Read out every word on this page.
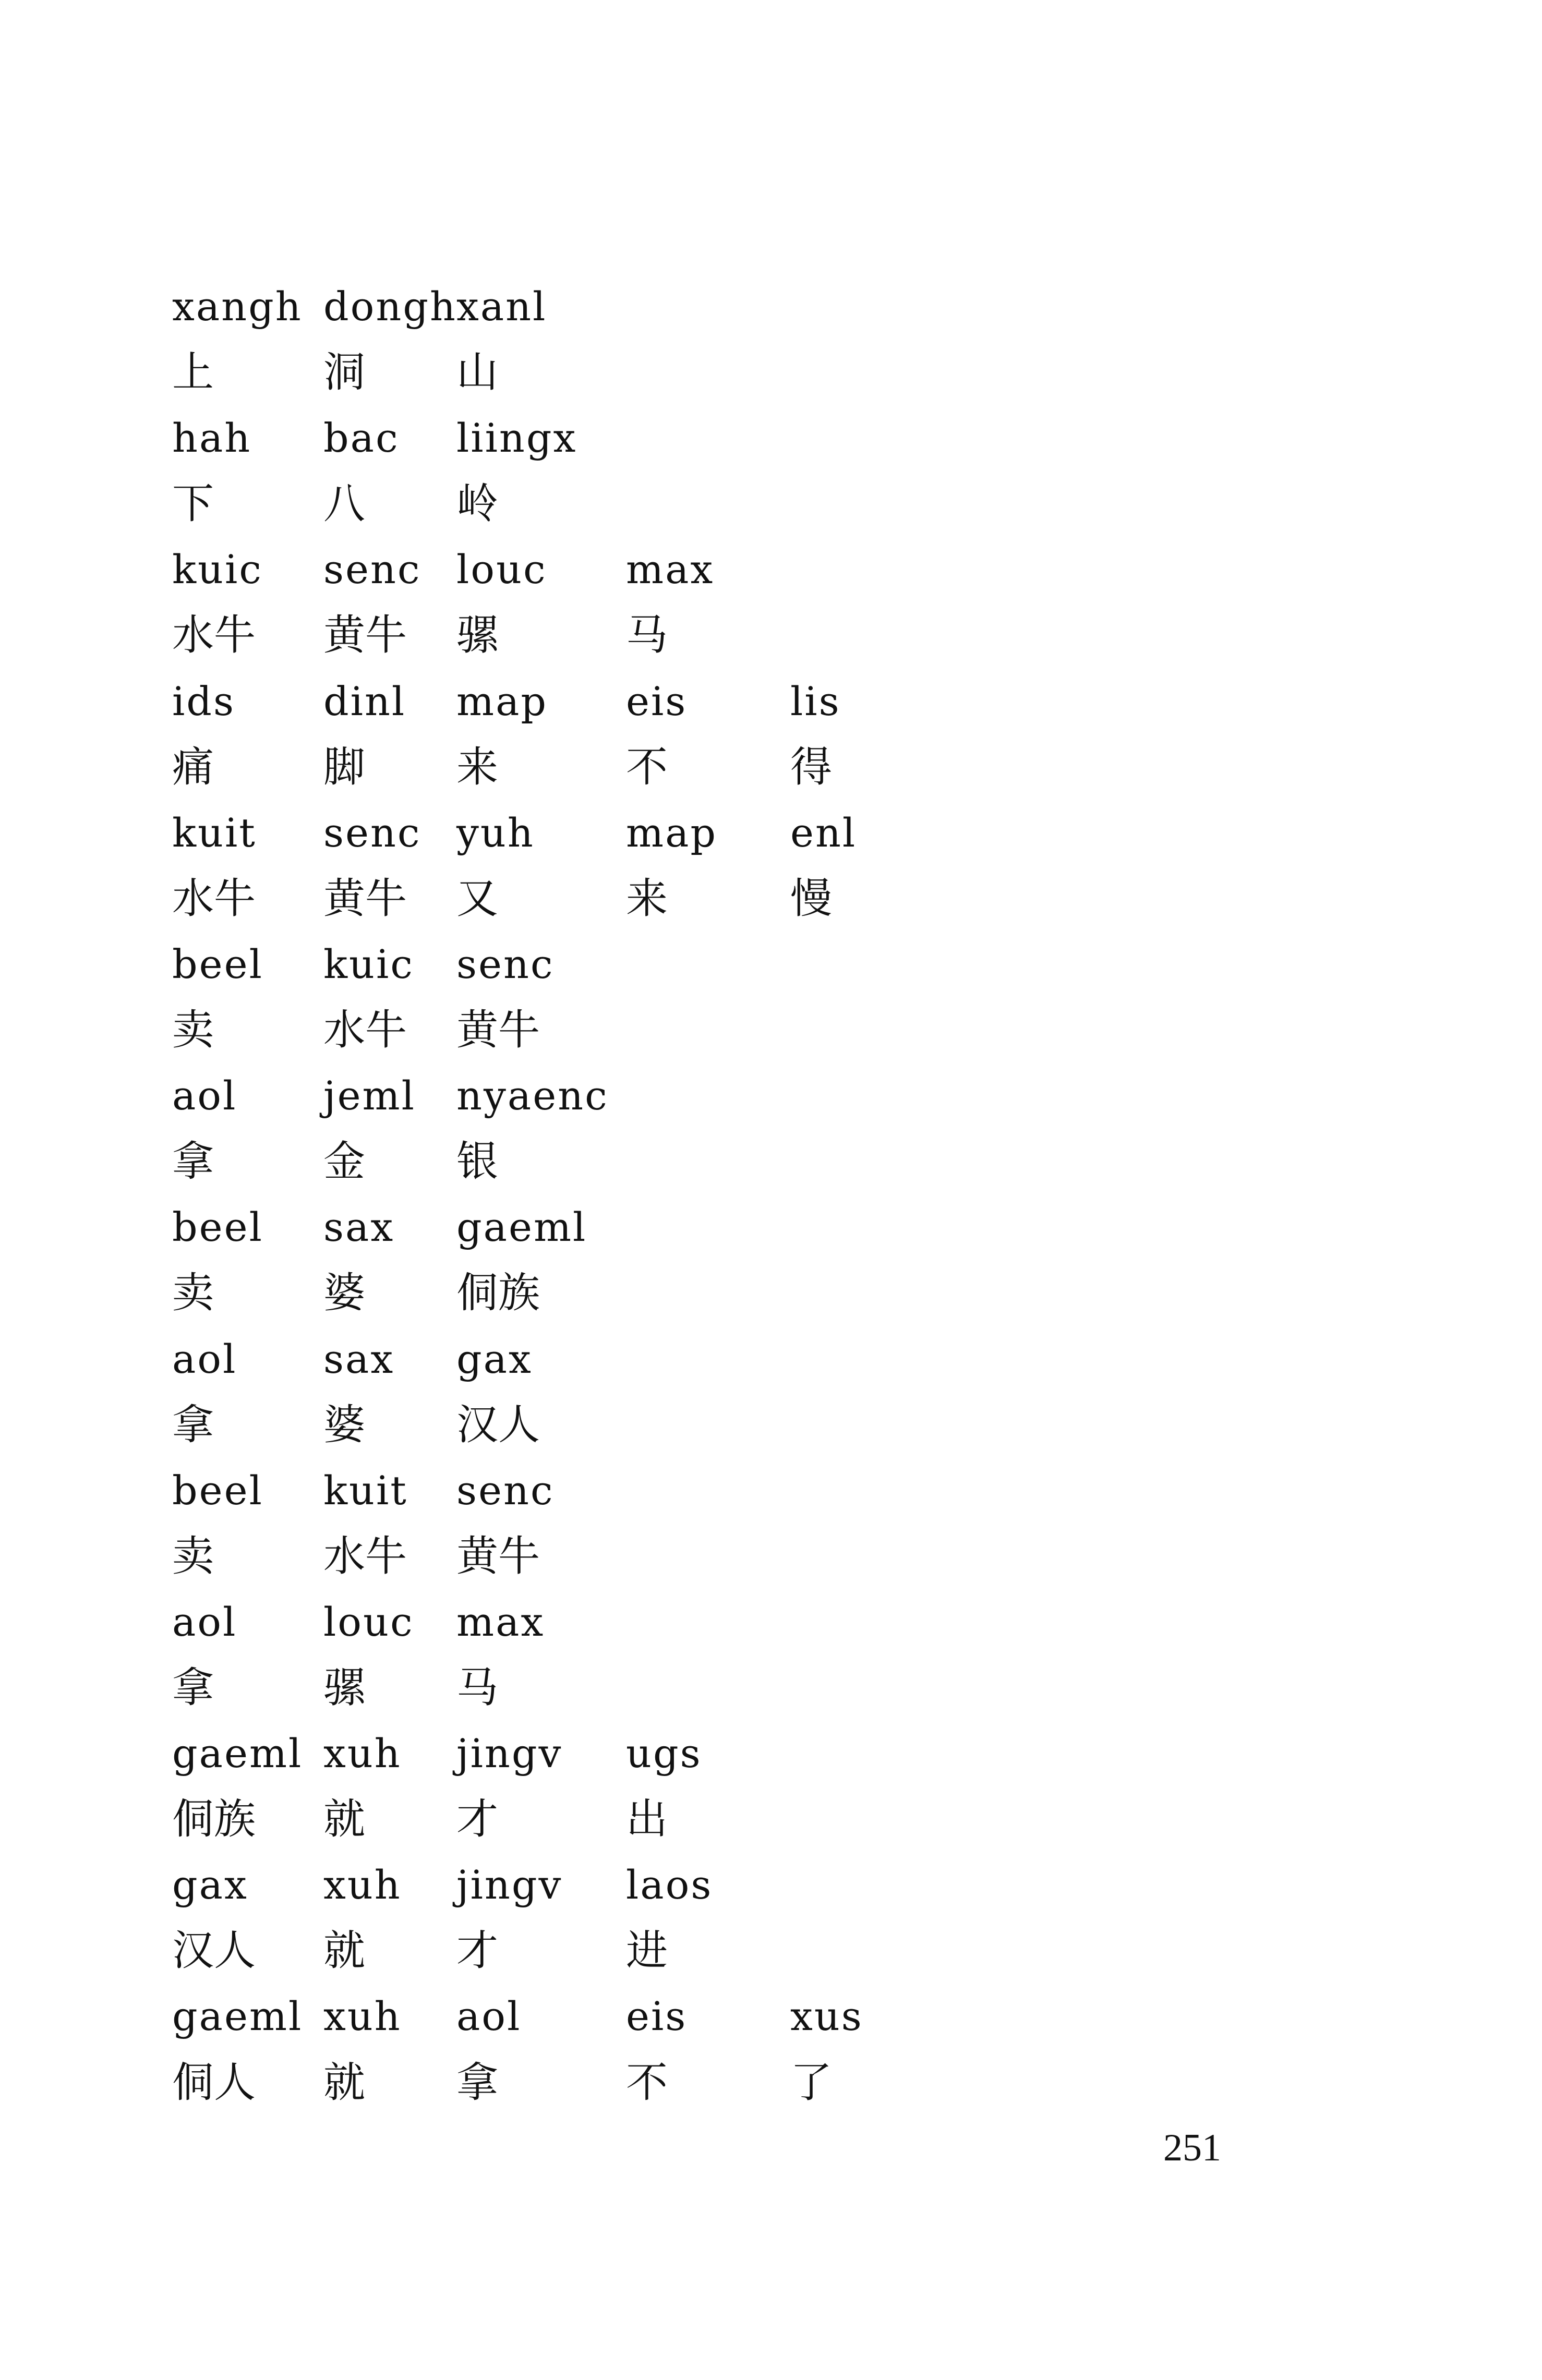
xangh dongh xanl
上	洞 山
hah bac liingx
下	八 岭
kuic senc louc max
水牛 黄牛 骡	马
ids dinl map eis	lis
痛	脚 来	不	得
kuit senc yuh map enl
水牛 黄牛 又	来	慢
beel kuic senc
卖	水牛 黄牛
aol jeml nyaenc
拿	金 银
beel sax gaeml
卖	婆 侗族
aol sax gax
拿	婆 汉人
beel kuit senc
卖	水牛 黄牛
aol louc max
拿	骡 马
gaeml xuh jingv ugs
侗族 就 才	出
gax xuh jingv laos
汉人 就 才	进
gaeml xuh aol	eis	xus
侗人 就 拿	不	了
251
